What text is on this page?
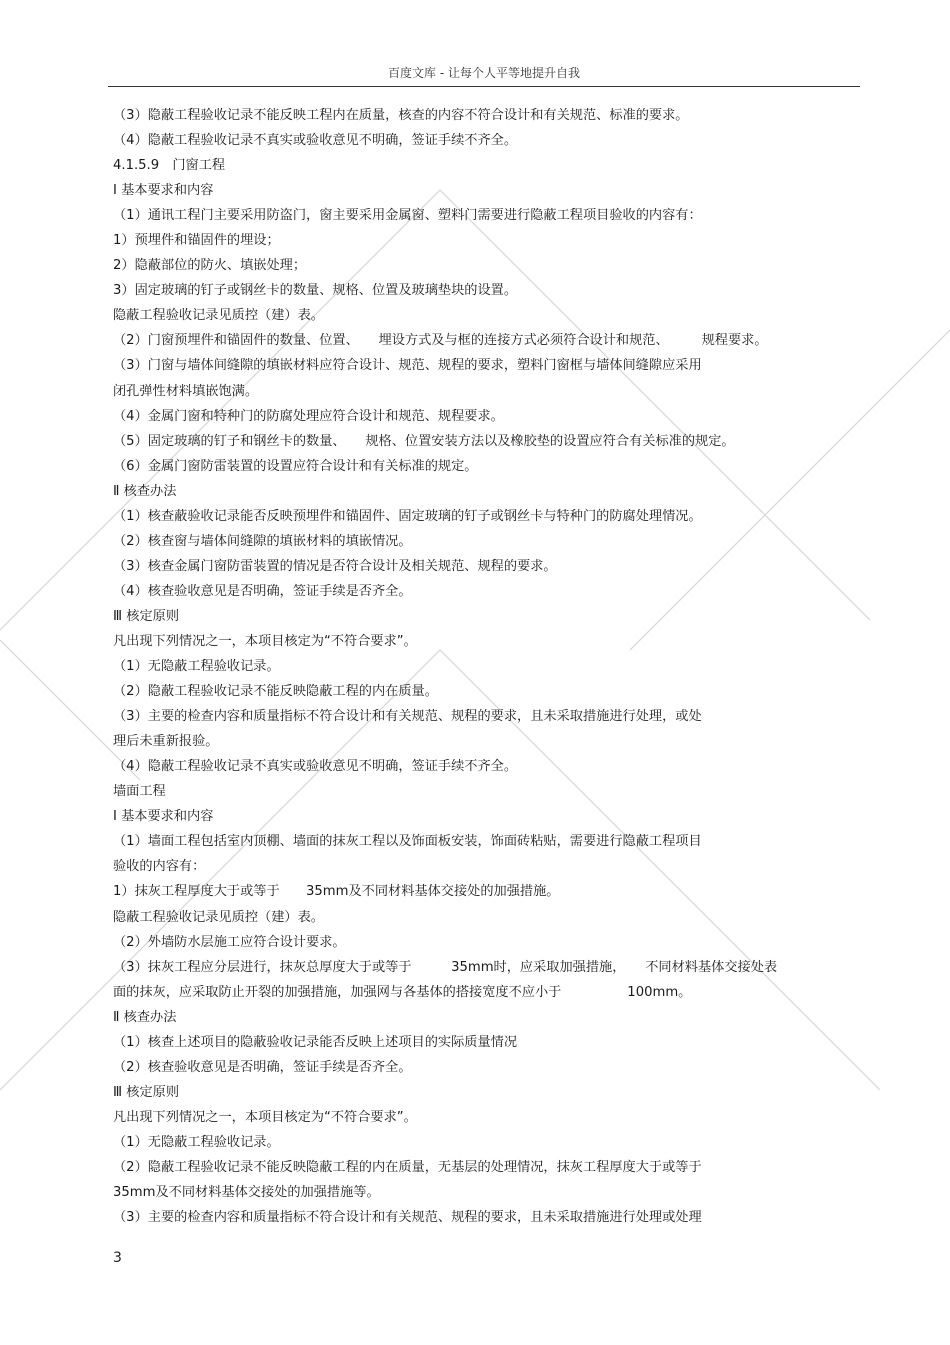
百度文库 - 让每个人平等地提升自我
（3）隐蔽工程验收记录不能反映工程内在质量，核查的内容不符合设计和有关规范、标准的要求。
（4）隐蔽工程验收记录不真实或验收意见不明确，签证手续不齐全。
4.1.5.9　门窗工程
Ⅰ 基本要求和内容
（1）通讯工程门主要采用防盗门，窗主要采用金属窗、塑料门需要进行隐蔽工程项目验收的内容有：
1）预埋件和锚固件的埋设；
2）隐蔽部位的防火、填嵌处理；
3）固定玻璃的钉子或钢丝卡的数量、规格、位置及玻璃垫块的设置。
隐蔽工程验收记录见质控（建）表。
（2）门窗预埋件和锚固件的数量、位置、　　埋设方式及与框的连接方式必须符合设计和规范、　　　规程要求。
（3）门窗与墙体间缝隙的填嵌材料应符合设计、规范、规程的要求，塑料门窗框与墙体间缝隙应采用
闭孔弹性材料填嵌饱满。
（4）金属门窗和特种门的防腐处理应符合设计和规范、规程要求。
（5）固定玻璃的钉子和钢丝卡的数量、　　规格、位置安装方法以及橡胶垫的设置应符合有关标准的规定。
（6）金属门窗防雷装置的设置应符合设计和有关标准的规定。
Ⅱ 核查办法
（1）核查蔽验收记录能否反映预埋件和锚固件、固定玻璃的钉子或钢丝卡与特种门的防腐处理情况。
（2）核查窗与墙体间缝隙的填嵌材料的填嵌情况。
（3）核查金属门窗防雷装置的情况是否符合设计及相关规范、规程的要求。
（4）核查验收意见是否明确，签证手续是否齐全。
Ⅲ 核定原则
凡出现下列情况之一，本项目核定为“不符合要求”。
（1）无隐蔽工程验收记录。
（2）隐蔽工程验收记录不能反映隐蔽工程的内在质量。
（3）主要的检查内容和质量指标不符合设计和有关规范、规程的要求，且未采取措施进行处理，或处
理后未重新报验。
（4）隐蔽工程验收记录不真实或验收意见不明确，签证手续不齐全。
墙面工程
Ⅰ 基本要求和内容
（1）墙面工程包括室内顶棚、墙面的抹灰工程以及饰面板安装，饰面砖粘贴，需要进行隐蔽工程项目
验收的内容有：
1）抹灰工程厚度大于或等于　　35mm及不同材料基体交接处的加强措施。
隐蔽工程验收记录见质控（建）表。
（2）外墙防水层施工应符合设计要求。
（3）抹灰工程应分层进行，抹灰总厚度大于或等于　　　35mm时，应采取加强措施，　　不同材料基体交接处表
面的抹灰，应采取防止开裂的加强措施，加强网与各基体的搭接宽度不应小于　　　　　100mm。
Ⅱ 核查办法
（1）核查上述项目的隐蔽验收记录能否反映上述项目的实际质量情况
（2）核查验收意见是否明确，签证手续是否齐全。
Ⅲ 核定原则
凡出现下列情况之一，本项目核定为“不符合要求”。
（1）无隐蔽工程验收记录。
（2）隐蔽工程验收记录不能反映隐蔽工程的内在质量，无基层的处理情况，抹灰工程厚度大于或等于
35mm及不同材料基体交接处的加强措施等。
（3）主要的检查内容和质量指标不符合设计和有关规范、规程的要求，且未采取措施进行处理或处理
3
